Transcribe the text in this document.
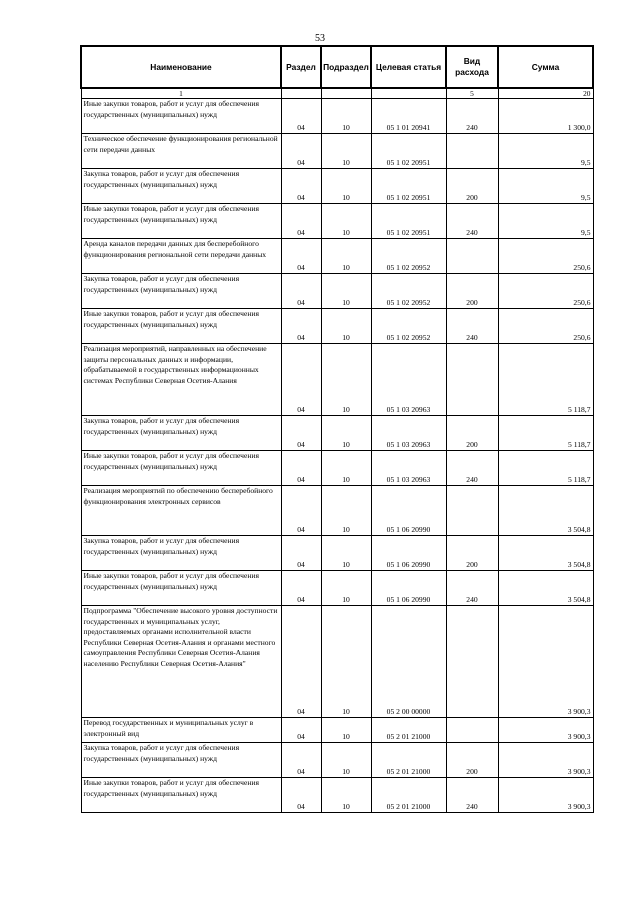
53
Наименование	Раздел	Подраздел	Целевая статья	Вид расхода	Сумма
1				5	20
Иные закупки товаров, работ и услуг для обеспечения государственных (муниципальных) нужд	04	10	05 1 01 20941	240	1 300,0
Техническое обеспечение функционирования региональной сети передачи данных	04	10	05 1 02 20951		9,5
Закупка товаров, работ и услуг для обеспечения государственных (муниципальных) нужд	04	10	05 1 02 20951	200	9,5
Иные закупки товаров, работ и услуг для обеспечения государственных (муниципальных) нужд	04	10	05 1 02 20951	240	9,5
Аренда каналов передачи данных для бесперебойного функционирования региональной сети передачи данных	04	10	05 1 02 20952		250,6
Закупка товаров, работ и услуг для обеспечения государственных (муниципальных) нужд	04	10	05 1 02 20952	200	250,6
Иные закупки товаров, работ и услуг для обеспечения государственных (муниципальных) нужд	04	10	05 1 02 20952	240	250,6
Реализация мероприятий, направленных на обеспечение защиты персональных данных и информации, обрабатываемой в государственных информационных системах Республики Северная Осетия-Алания	04	10	05 1 03 20963		5 118,7
Закупка товаров, работ и услуг для обеспечения государственных (муниципальных) нужд	04	10	05 1 03 20963	200	5 118,7
Иные закупки товаров, работ и услуг для обеспечения государственных (муниципальных) нужд	04	10	05 1 03 20963	240	5 118,7
Реализация мероприятий по обеспечению бесперебойного функционирования электронных сервисов	04	10	05 1 06 20990		3 504,8
Закупка товаров, работ и услуг для обеспечения государственных (муниципальных) нужд	04	10	05 1 06 20990	200	3 504,8
Иные закупки товаров, работ и услуг для обеспечения государственных (муниципальных) нужд	04	10	05 1 06 20990	240	3 504,8
Подпрограмма "Обеспечение высокого уровня доступности государственных и муниципальных услуг, предоставляемых органами исполнительной власти Республики Северная Осетия-Алания и органами местного самоуправления Республики Северная Осетия-Алания населению Республики Северная Осетия-Алания"	04	10	05 2 00 00000		3 900,3
Перевод государственных и муниципальных услуг в электронный вид	04	10	05 2 01 21000		3 900,3
Закупка товаров, работ и услуг для обеспечения государственных (муниципальных) нужд	04	10	05 2 01 21000	200	3 900,3
Иные закупки товаров, работ и услуг для обеспечения государственных (муниципальных) нужд	04	10	05 2 01 21000	240	3 900,3
